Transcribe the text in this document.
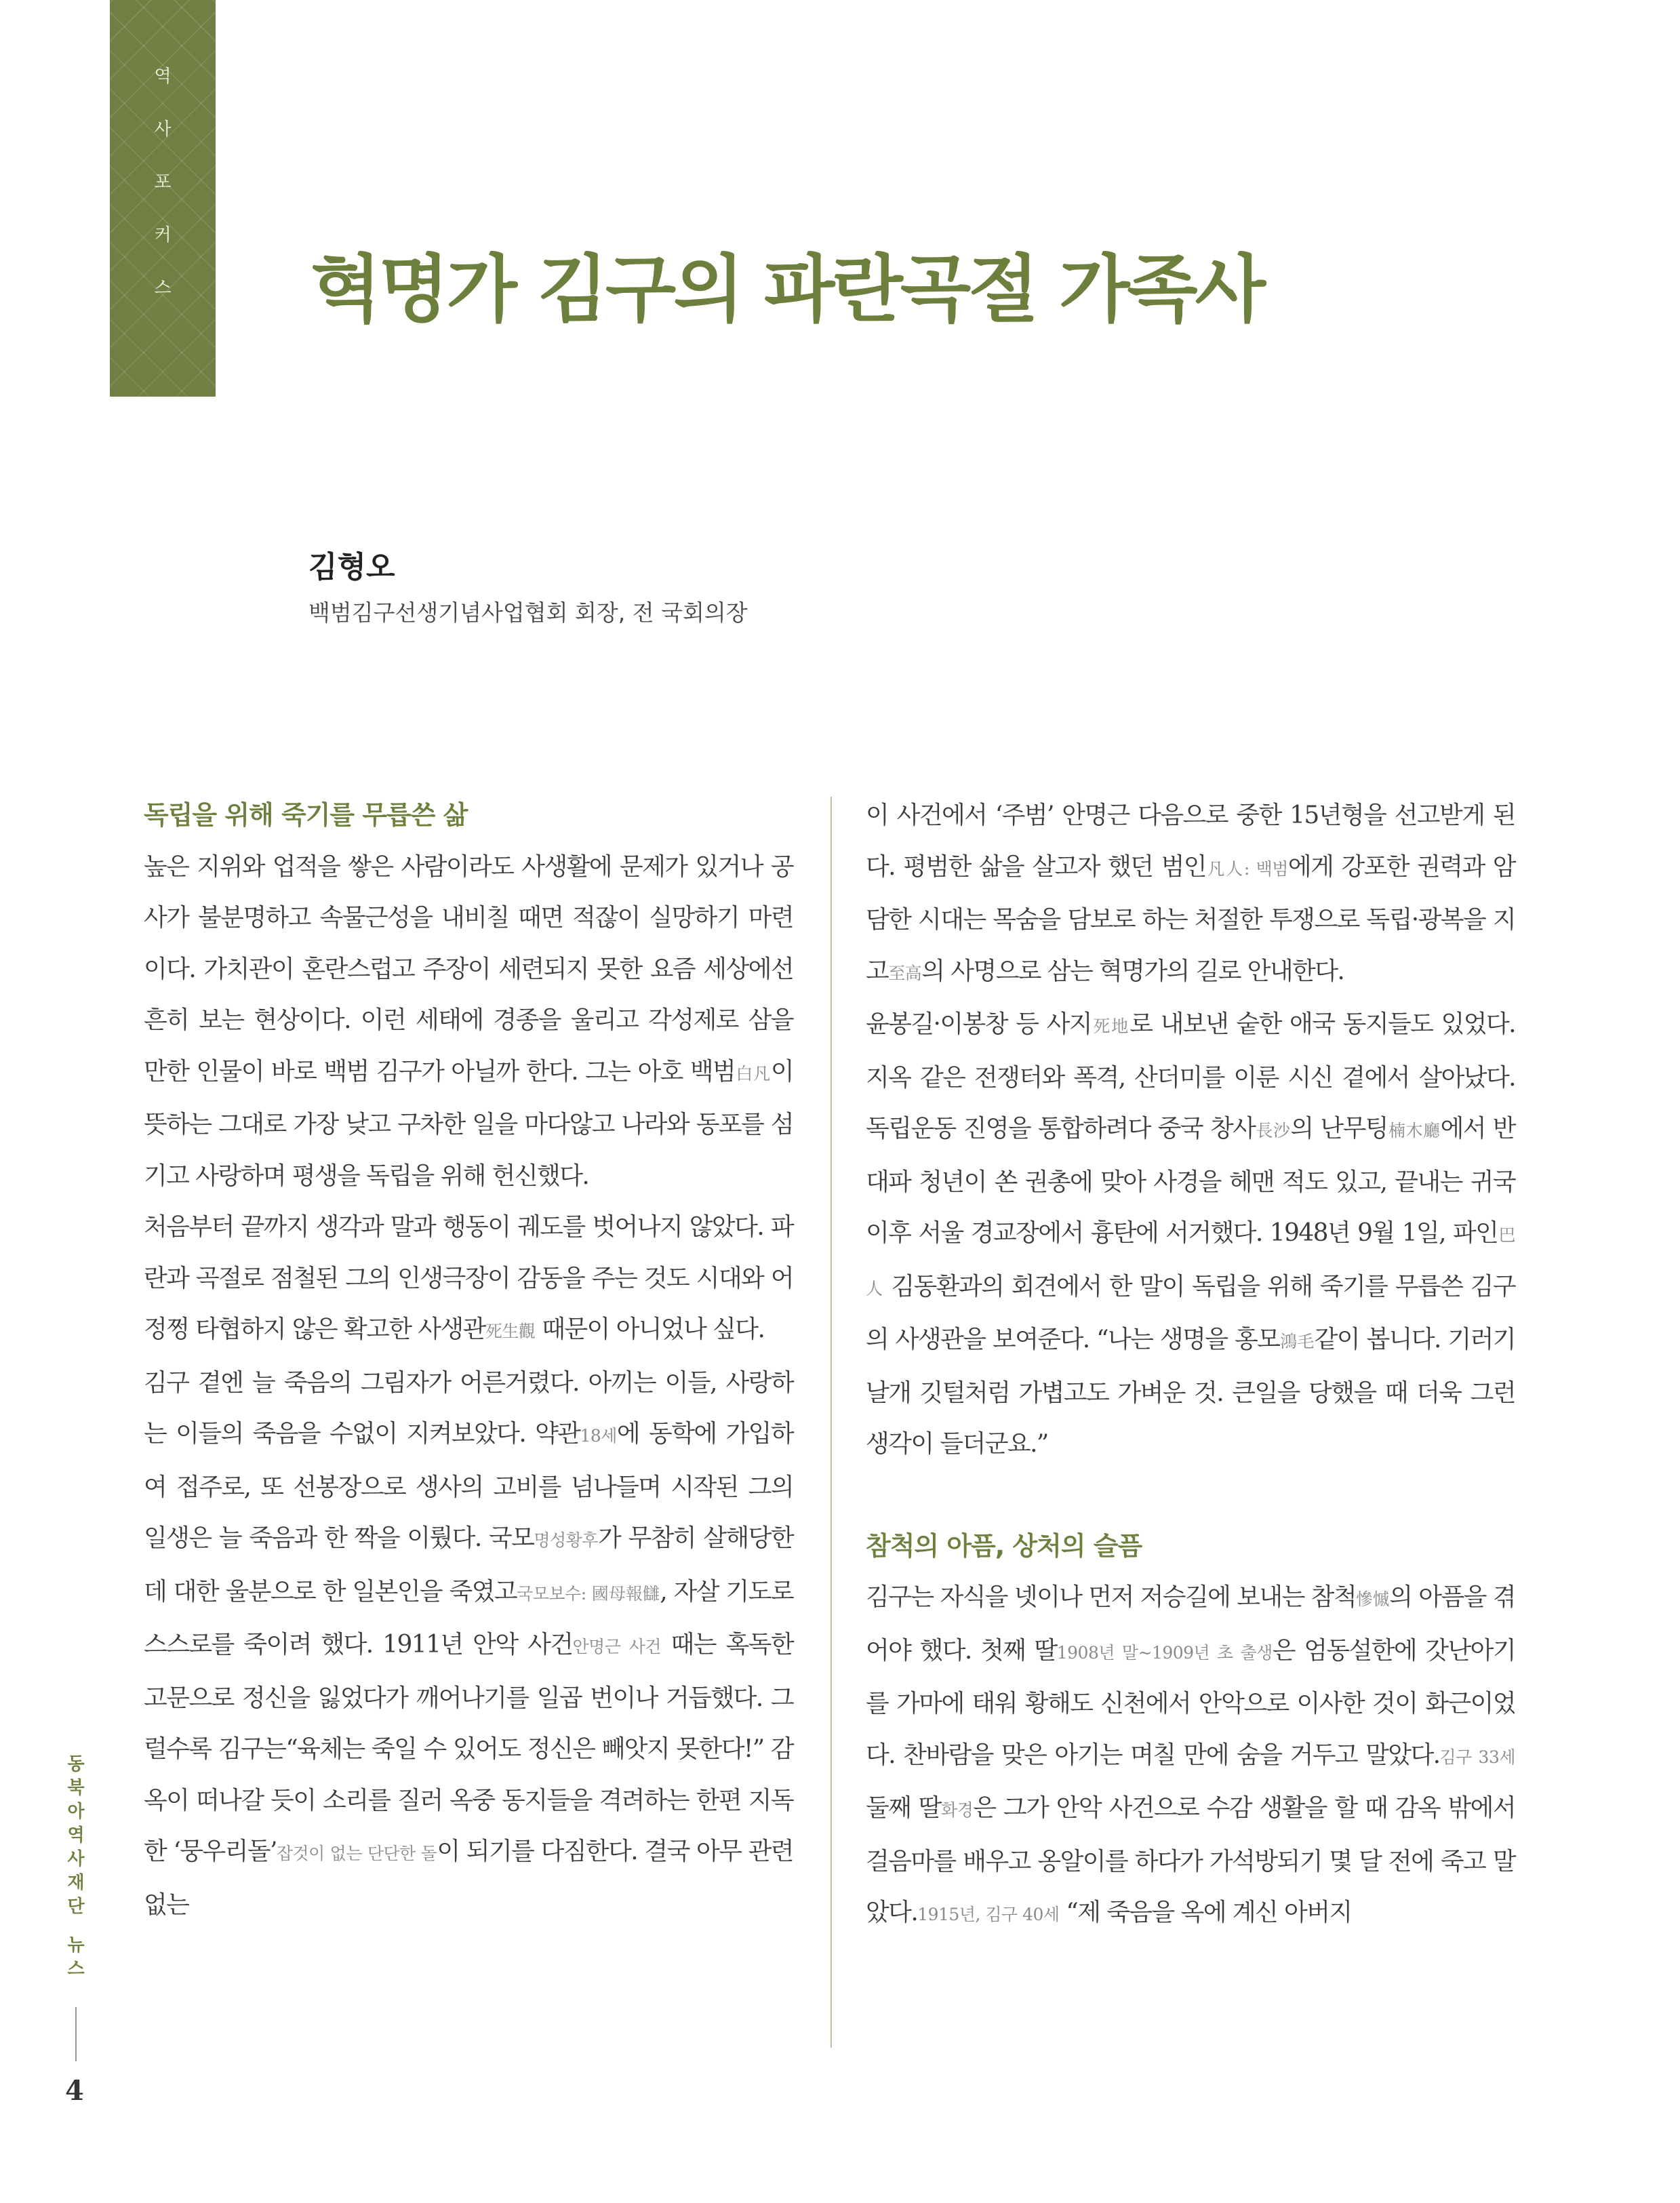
역
사
포
커
스 혁명가 김구의 파란곡절 가족사
김형오
백범김구선생기념사업협회 회장, 전 국회의장
독립을 위해 죽기를 무릅쓴 삶

높은 지위와 업적을 쌓은 사람이라도 사생활에 문제가 있거나 공사가 불분명하고 속물근성을 내비칠 때면 적잖이 실망하기 마련이다. 가치관이 혼란스럽고 주장이 세련되지 못한 요즘 세상에선 흔히 보는 현상이다. 이런 세태에 경종을 울리고 각성제로 삼을 만한 인물이 바로 백범 김구가 아닐까 한다. 그는 아호 백범白凡이 뜻하는 그대로 가장 낮고 구차한 일을 마다않고 나라와 동포를 섬기고 사랑하며 평생을 독립을 위해 헌신했다.

처음부터 끝까지 생각과 말과 행동이 궤도를 벗어나지 않았다. 파란과 곡절로 점철된 그의 인생극장이 감동을 주는 것도 시대와 어정쩡 타협하지 않은 확고한 사생관死生觀 때문이 아니었나 싶다.

김구 곁엔 늘 죽음의 그림자가 어른거렸다. 아끼는 이들, 사랑하는 이들의 죽음을 수없이 지켜보았다. 약관18세에 동학에 가입하여 접주로, 또 선봉장으로 생사의 고비를 넘나들며 시작된 그의 일생은 늘 죽음과 한 짝을 이뤘다. 국모명성황후가 무참히 살해당한 데 대한 울분으로 한 일본인을 죽였고국모보수: 國母報讎, 자살 기도로 스스로를 죽이려 했다. 1911년 안악 사건안명근 사건 때는 혹독한 고문으로 정신을 잃었다가 깨어나기를 일곱 번이나 거듭했다. 그럴수록 김구는“육체는 죽일 수 있어도 정신은 빼앗지 못한다!” 감옥이 떠나갈 듯이 소리를 질러 옥중 동지들을 격려하는 한편 지독한 ‘뭉우리돌’잡것이 없는 단단한 돌이 되기를 다짐한다. 결국 아무 관련 없는

이 사건에서 ‘주범’ 안명근 다음으로 중한 15년형을 선고받게 된다. 평범한 삶을 살고자 했던 범인凡人: 백범에게 강포한 권력과 암담한 시대는 목숨을 담보로 하는 처절한 투쟁으로 독립·광복을 지고至高의 사명으로 삼는 혁명가의 길로 안내한다.

윤봉길·이봉창 등 사지死地로 내보낸 숱한 애국 동지들도 있었다. 지옥 같은 전쟁터와 폭격, 산더미를 이룬 시신 곁에서 살아났다. 독립운동 진영을 통합하려다 중국 창사長沙의 난무팅楠木廳에서 반대파 청년이 쏜 권총에 맞아 사경을 헤맨 적도 있고, 끝내는 귀국 이후 서울 경교장에서 흉탄에 서거했다. 1948년 9월 1일, 파인巴人 김동환과의 회견에서 한 말이 독립을 위해 죽기를 무릅쓴 김구의 사생관을 보여준다. “나는 생명을 홍모鴻毛같이 봅니다. 기러기 날개 깃털처럼 가볍고도 가벼운 것. 큰일을 당했을 때 더욱 그런 생각이 들더군요.”

참척의 아픔, 상처의 슬픔

김구는 자식을 넷이나 먼저 저승길에 보내는 참척慘慽의 아픔을 겪어야 했다. 첫째 딸1908년 말~1909년 초 출생은 엄동설한에 갓난아기를 가마에 태워 황해도 신천에서 안악으로 이사한 것이 화근이었다. 찬바람을 맞은 아기는 며칠 만에 숨을 거두고 말았다.김구 33세 둘째 딸화경은 그가 안악 사건으로 수감 생활을 할 때 감옥 밖에서 걸음마를 배우고 옹알이를 하다가 가석방되기 몇 달 전에 죽고 말았다.1915년, 김구 40세 “제 죽음을 옥에 계신 아버지

동
북
아
역
사
재
단
뉴
스
4
